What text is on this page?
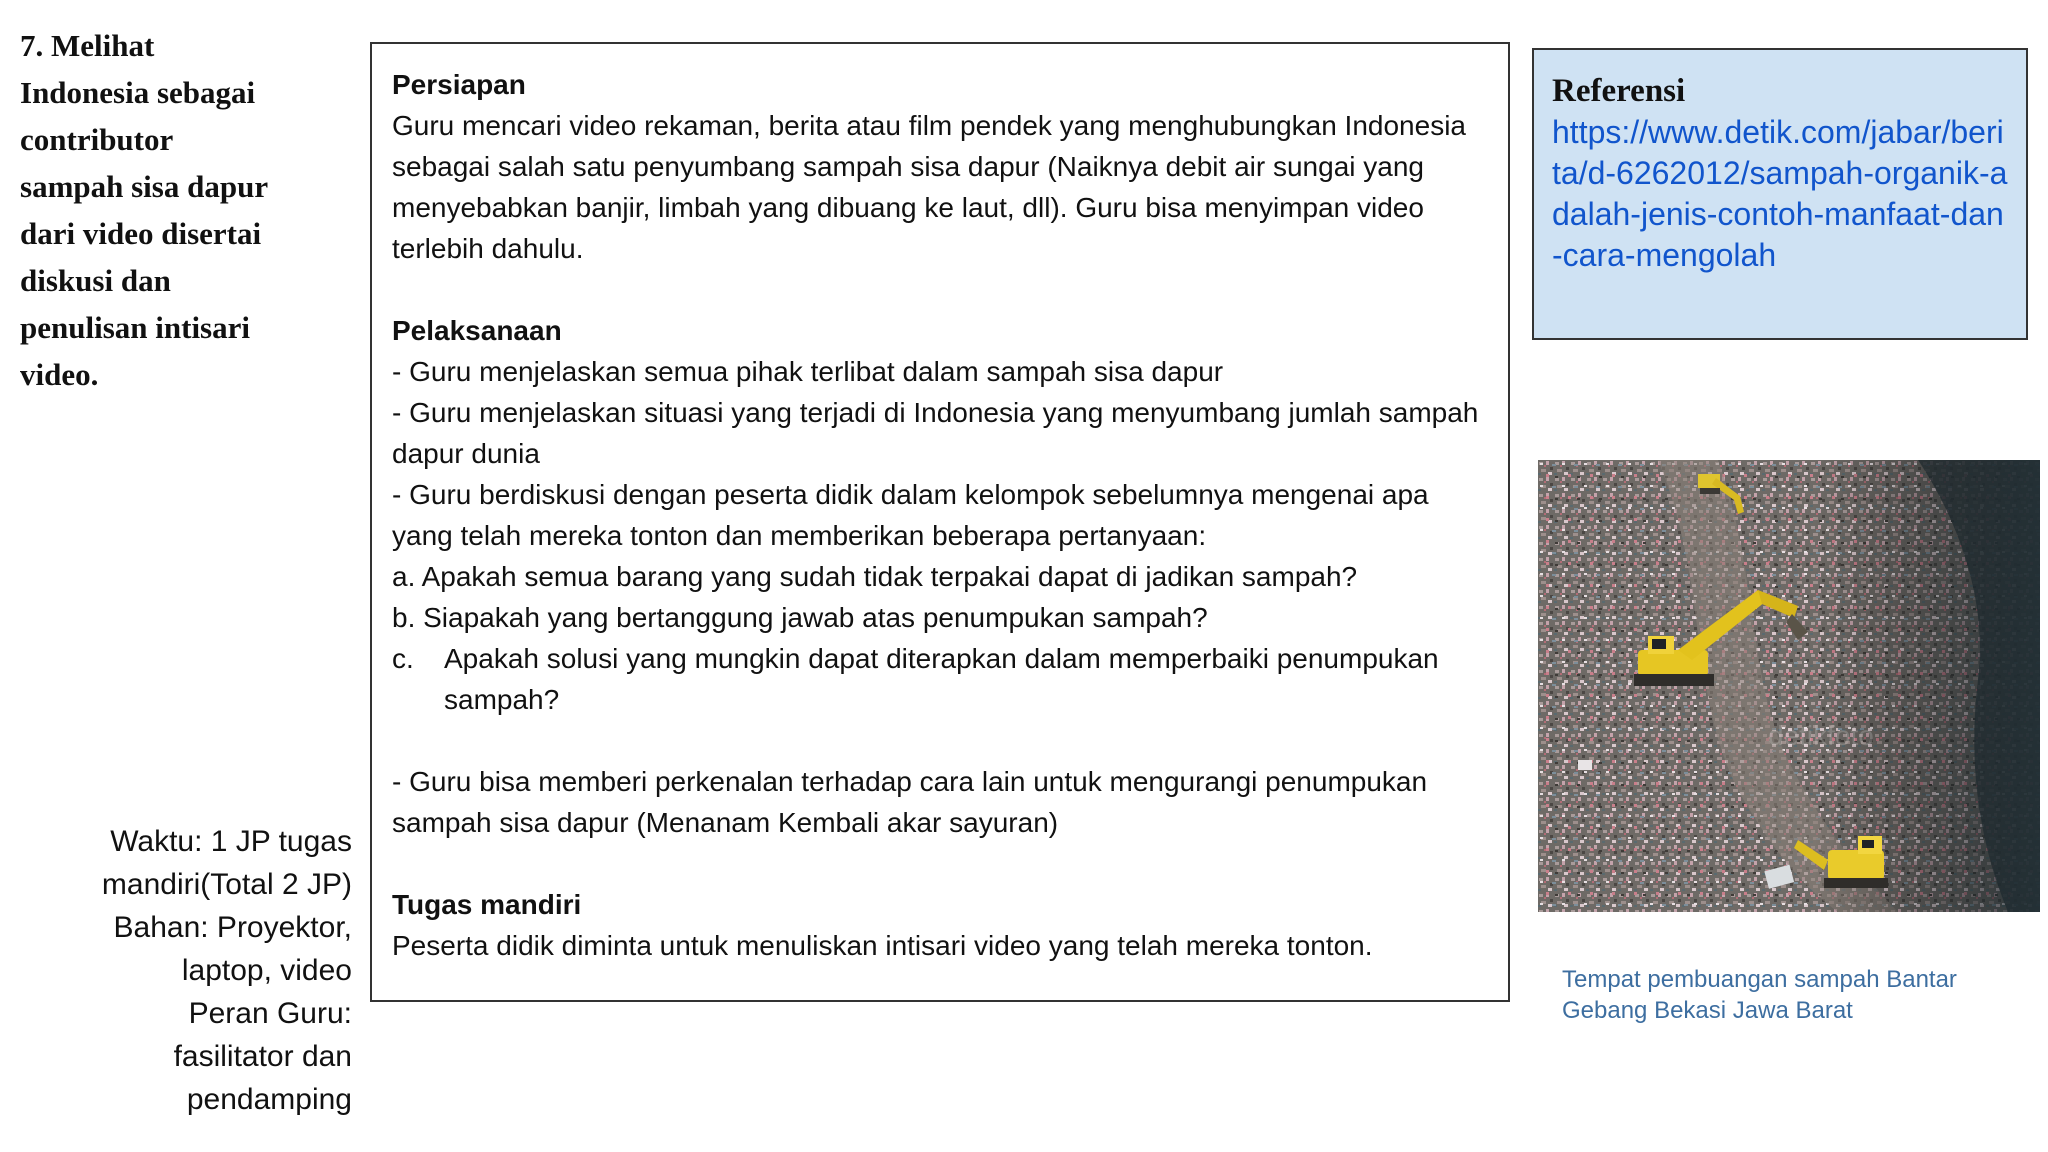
7. Melihat
Indonesia sebagai
contributor
sampah sisa dapur
dari video disertai
diskusi dan
penulisan intisari
video.
Waktu: 1 JP tugas
mandiri(Total 2 JP)
Bahan: Proyektor,
laptop, video
Peran Guru:
fasilitator dan
pendamping
Persiapan
Guru mencari video rekaman, berita atau film pendek yang menghubungkan Indonesia sebagai salah satu penyumbang sampah sisa dapur (Naiknya debit air sungai yang menyebabkan banjir, limbah yang dibuang ke laut, dll). Guru bisa menyimpan video terlebih dahulu.
Pelaksanaan
- Guru menjelaskan semua pihak terlibat dalam sampah sisa dapur
- Guru menjelaskan situasi yang terjadi di Indonesia yang menyumbang jumlah sampah dapur dunia
- Guru berdiskusi dengan peserta didik dalam kelompok sebelumnya mengenai apa yang telah mereka tonton dan memberikan beberapa pertanyaan:
a. Apakah semua barang yang sudah tidak terpakai dapat di jadikan sampah?
b. Siapakah yang bertanggung jawab atas penumpukan sampah?
c.	Apakah solusi yang mungkin dapat diterapkan dalam memperbaiki penumpukan sampah?
- Guru bisa memberi perkenalan terhadap cara lain untuk mengurangi penumpukan sampah sisa dapur (Menanam Kembali akar sayuran)
Tugas mandiri
Peserta didik diminta untuk menuliskan intisari video yang telah mereka tonton.
Referensi
https://www.detik.com/jabar/berita/d-6262012/sampah-organik-adalah-jenis-contoh-manfaat-dan-cara-mengolah
detikfoto
Tempat pembuangan sampah Bantar Gebang Bekasi Jawa Barat
